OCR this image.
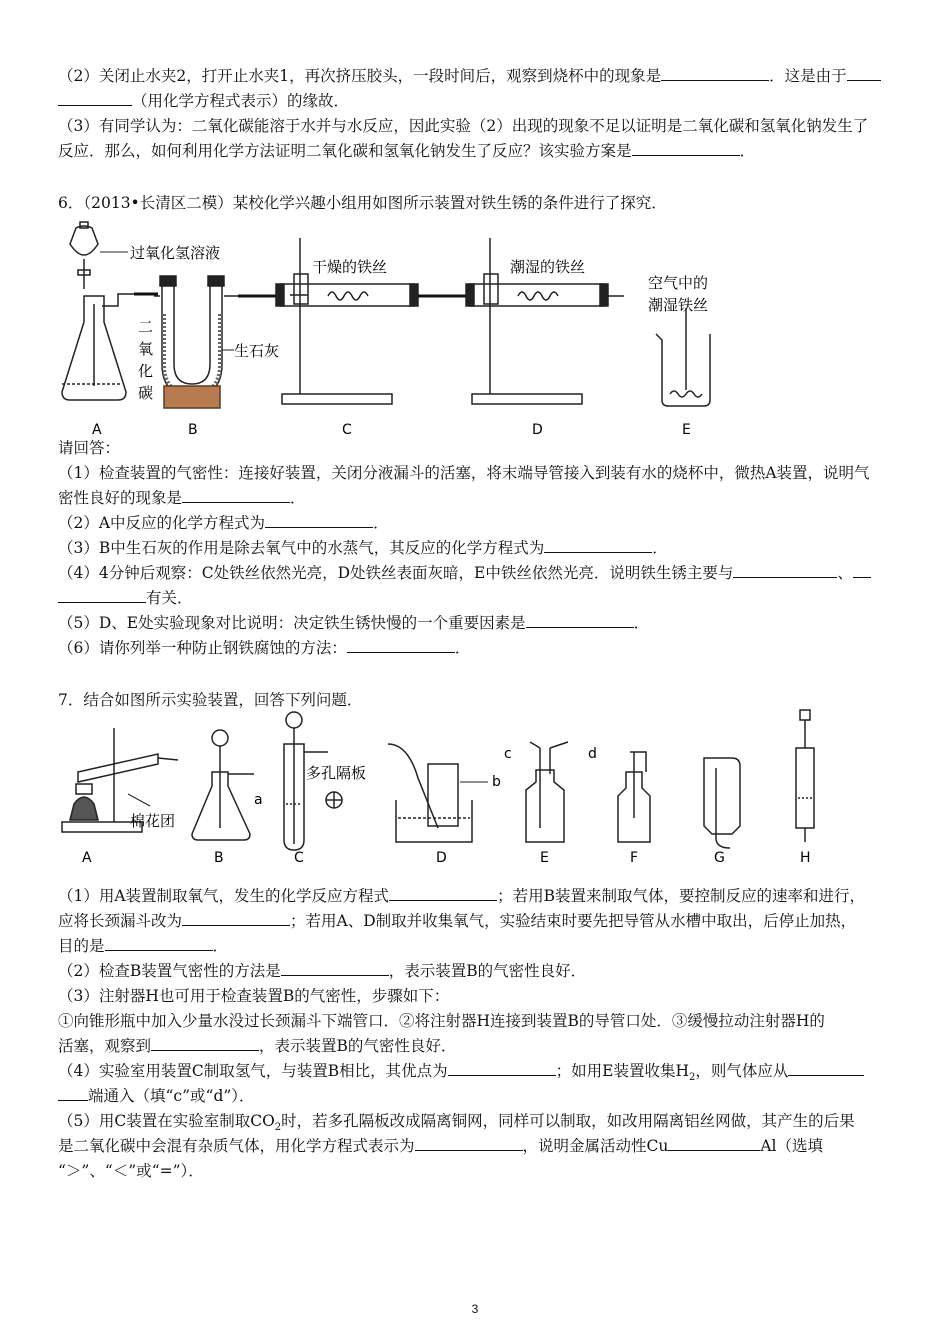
（2）关闭止水夹2，打开止水夹1，再次挤压胶头，一段时间后，观察到烧杯中的现象是	．这是由于
（用化学方程式表示）的缘故．
（3）有同学认为：二氧化碳能溶于水并与水反应，因此实验（2）出现的现象不足以证明是二氧化碳和氢氧化钠发生了
反应．那么，如何利用化学方法证明二氧化碳和氢氧化钠发生了反应？该实验方案是	．
6．（2013•长清区二模）某校化学兴趣小组用如图所示装置对铁生锈的条件进行了探究．
过氧化氢溶液
二
氧
化
碳
生石灰
干燥的铁丝	潮湿的铁丝
空气中的
潮湿铁丝
A	B	C	D	E
请回答：
（1）检查装置的气密性：连接好装置，关闭分液漏斗的活塞，将末端导管接入到装有水的烧杯中，微热A装置，说明气
密性良好的现象是	．
（2）A中反应的化学方程式为	．
（3）B中生石灰的作用是除去氧气中的水蒸气，其反应的化学方程式为	．
（4）4分钟后观察：C处铁丝依然光亮，D处铁丝表面灰暗，E中铁丝依然光亮．说明铁生锈主要与	、
有关．
（5）D、E处实验现象对比说明：决定铁生锈快慢的一个重要因素是	．
（6）请你列举一种防止钢铁腐蚀的方法：	．
7．结合如图所示实验装置，回答下列问题．
棉花团
a
多孔隔板	b
c	d
A	B	C	D	E	F	G	H
（1）用A装置制取氧气，发生的化学反应方程式	；若用B装置来制取气体，要控制反应的速率和进行，
应将长颈漏斗改为	；若用A、D制取并收集氧气，实验结束时要先把导管从水槽中取出，后停止加热，
目的是	．
（2）检查B装置气密性的方法是	，表示装置B的气密性良好．
（3）注射器H也可用于检查装置B的气密性，步骤如下：
①向锥形瓶中加入少量水没过长颈漏斗下端管口．②将注射器H连接到装置B的导管口处．③缓慢拉动注射器H的
活塞，观察到	，表示装置B的气密性良好．
（4）实验室用装置C制取氢气，与装置B相比，其优点为	；如用E装置收集$H_2$，则气体应从
端通入（填“c”或“d”）．
（5）用C装置在实验室制取$CO_2$时，若多孔隔板改成隔离铜网，同样可以制取，如改用隔离铝丝网做，其产生的后果
是二氧化碳中会混有杂质气体，用化学方程式表示为	，说明金属活动性Cu	Al（选填
“＞”、“＜”或“=”）．
3
